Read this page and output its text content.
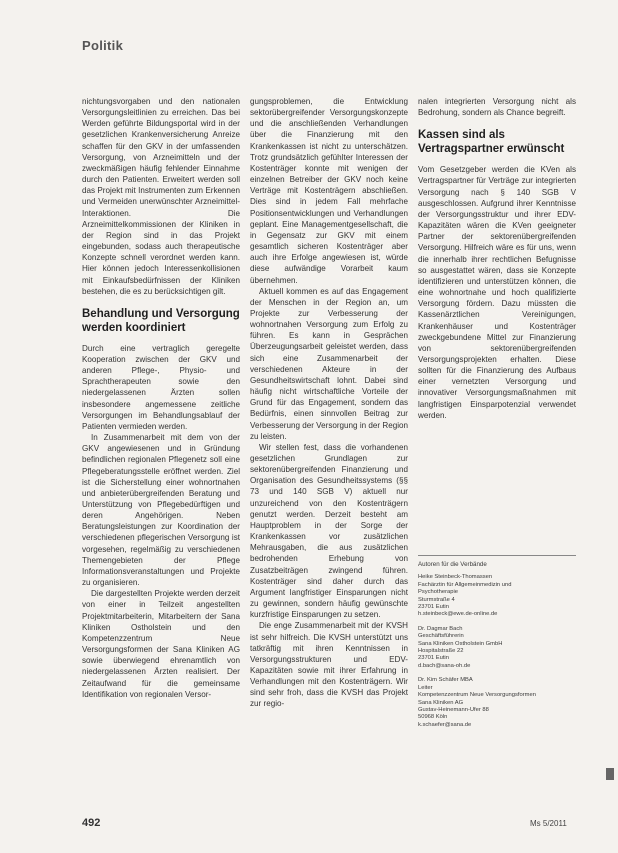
Politik

nichtungsvorgaben und den nationalen Versorgungsleitlinien zu erreichen. Das bei Werden geführte Bildungsportal wird in der gesetzlichen Krankenversicherung Anreize schaffen für den GKV in der umfassenden Versorgung, von Arzneimitteln und der zweckmäßigen häufig fehlender Einnahme durch den Patienten. Erweitert werden soll das Projekt mit Instrumenten zum Erkennen und Vermeiden unerwünschter Arzneimittel-Interaktionen. Die Arzneimittelkommissionen der Kliniken in der Region sind in das Projekt eingebunden, sodass auch therapeutische Konzepte schnell verordnet werden kann. Hier können jedoch Interessenkollisionen mit Einkaufsbedürfnissen der Kliniken bestehen, die es zu berücksichtigen gilt.

Behandlung und Versorgung werden koordiniert

Durch eine vertraglich geregelte Kooperation zwischen der GKV und anderen Pflege-, Physio- und Sprachtherapeuten sowie den niedergelassenen Ärzten sollen insbesondere angemessene zeitliche Versorgungen im Behandlungsablauf der Patienten vermieden werden.

In Zusammenarbeit mit dem von der GKV angewiesenen und in Gründung befindlichen regionalen Pflegenetz soll eine Pflegeberatungsstelle eröffnet werden. Ziel ist die Sicherstellung einer wohnortnahen und anbieterübergreifenden Beratung und Unterstützung von Pflegebedürftigen und deren Angehörigen. Neben Beratungsleistungen zur Koordination der verschiedenen pflegerischen Versorgung ist vorgesehen, regelmäßig zu verschiedenen Themengebieten der Pflege Informationsveranstaltungen und Projekte zu organisieren.

Die dargestellten Projekte werden derzeit von einer in Teilzeit angestellten Projektmitarbeiterin, Mitarbeitern der Sana Kliniken Ostholstein und den Kompetenzzentrum Neue Versorgungsformen der Sana Kliniken AG sowie überwiegend ehrenamtlich von niedergelassenen Ärzten realisiert. Der Zeitaufwand für die gemeinsame Identifikation von regionalen Versor-

gungsproblemen, die Entwicklung sektorübergreifender Versorgungskonzepte und die anschließenden Verhandlungen über die Finanzierung mit den Krankenkassen ist nicht zu unterschätzen. Trotz grundsätzlich gefühlter Interessen der Kostenträger konnte mit wenigen der einzelnen Betreiber der GKV noch keine Verträge mit Kostenträgern abschließen. Dies sind in jedem Fall mehrfache Positionsentwicklungen und Verhandlungen geplant. Eine Managementgesellschaft, die in Gegensatz zur GKV mit einem gesamtlich sicheren Kostenträger aber auch ihre Erfolge angewiesen ist, würde diese aufwändige Vorarbeit kaum übernehmen.

Aktuell kommen es auf das Engagement der Menschen in der Region an, um Projekte zur Verbesserung der wohnortnahen Versorgung zum Erfolg zu führen. Es kann in Gesprächen Überzeugungsarbeit geleistet werden, dass sich eine Zusammenarbeit der verschiedenen Akteure in der Gesundheitswirtschaft lohnt. Dabei sind häufig nicht wirtschaftliche Vorteile der Grund für das Engagement, sondern das Bedürfnis, einen sinnvollen Beitrag zur Verbesserung der Versorgung in der Region zu leisten.

Wir stellen fest, dass die vorhandenen gesetzlichen Grundlagen zur sektorenübergreifenden Finanzierung und Organisation des Gesundheitssystems (§§ 73 und 140 SGB V) aktuell nur unzureichend von den Kostenträgern genutzt werden. Derzeit besteht am Hauptproblem in der Sorge der Krankenkassen vor zusätzlichen Mehrausgaben, die aus zusätzlichen bedrohenden Erhebung von Zusatzbeiträgen zwingend führen. Kostenträger sind daher durch das Argument langfristiger Einsparungen nicht zu gewinnen, sondern häufig gewünschte kurzfristige Einsparungen zu setzen.

Die enge Zusammenarbeit mit der KVSH ist sehr hilfreich. Die KVSH unterstützt uns tatkräftig mit ihren Kenntnissen in Versorgungsstrukturen und EDV-Kapazitäten sowie mit ihrer Erfahrung in Verhandlungen mit den Kostenträgern. Wir sind sehr froh, dass die KVSH das Projekt zur regio-

nalen integrierten Versorgung nicht als Bedrohung, sondern als Chance begreift.

Kassen sind als Vertragspartner erwünscht

Vom Gesetzgeber werden die KVen als Vertragspartner für Verträge zur integrierten Versorgung nach § 140 SGB V ausgeschlossen. Aufgrund ihrer Kenntnisse der Versorgungsstruktur und ihrer EDV-Kapazitäten wären die KVen geeigneter Partner der sektorenübergreifenden Versorgung. Hilfreich wäre es für uns, wenn die innerhalb ihrer rechtlichen Befugnisse so ausgestattet wären, dass sie Konzepte identifizieren und unterstützen können, die eine wohnortnahe und hoch qualifizierte Versorgung fördern. Dazu müssten die Kassenärztlichen Vereinigungen, Krankenhäuser und Kostenträger zweckgebundene Mittel zur Finanzierung von sektorenübergreifenden Versorgungsprojekten erhalten. Diese sollten für die Finanzierung des Aufbaus einer vernetzten Versorgung und innovativer Versorgungsmaßnahmen mit langfristigen Einsparpotenzial verwendet werden.

Autoren für die Verbände
Heike Steinbeck-Thomassen
Fachärztin für Allgemeinmedizin und
Psychotherapie
Sturmstraße 4
23701 Eutin
h.steinbeck@ewe.de-online.de
Dr. Dagmar Bach
Geschäftsführerin
Sana Kliniken Ostholstein GmbH
Hospitalstraße 22
23701 Eutin
d.bach@sana-oh.de
Dr. Kim Schäfer MBA
Leiter
Kompetenzzentrum Neue Versorgungsformen
Sana Kliniken AG
Gustav-Heinemann-Ufer 88
50968 Köln
k.schaefer@sana.de
492	Ms 5/2011
